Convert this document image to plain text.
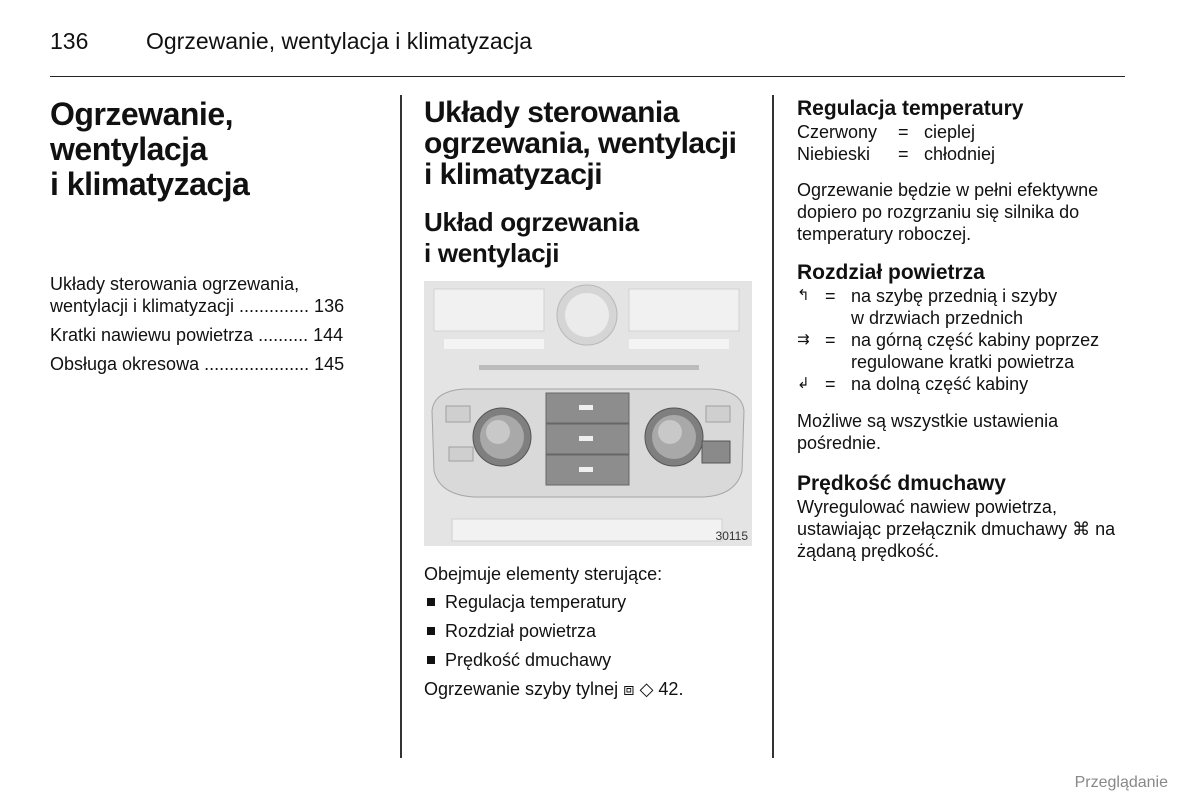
136	Ogrzewanie, wentylacja i klimatyzacja
Ogrzewanie,
wentylacja
i klimatyzacja
Układy sterowania ogrzewania,
wentylacji i klimatyzacji .............. 136
Kratki nawiewu powietrza .......... 144
Obsługa okresowa ..................... 145
Układy sterowania
ogrzewania, wentylacji
i klimatyzacji
Układ ogrzewania
i wentylacji
30115
Obejmuje elementy sterujące:
Regulacja temperatury
Rozdział powietrza
Prędkość dmuchawy
Ogrzewanie szyby tylnej ⧈ ◇ 42.
Regulacja temperatury
Czerwony	= cieplej
Niebieski	= chłodniej
Ogrzewanie będzie w pełni efektywne dopiero po rozgrzaniu się silnika do temperatury roboczej.
Rozdział powietrza
↰ = na szybę przednią i szyby
w drzwiach przednich
⇉ = na górną część kabiny poprzez
regulowane kratki powietrza
↲ = na dolną część kabiny
Możliwe są wszystkie ustawienia pośrednie.
Prędkość dmuchawy
Wyregulować nawiew powietrza, ustawiając przełącznik dmuchawy ⌘ na żądaną prędkość.
Przeglądanie
